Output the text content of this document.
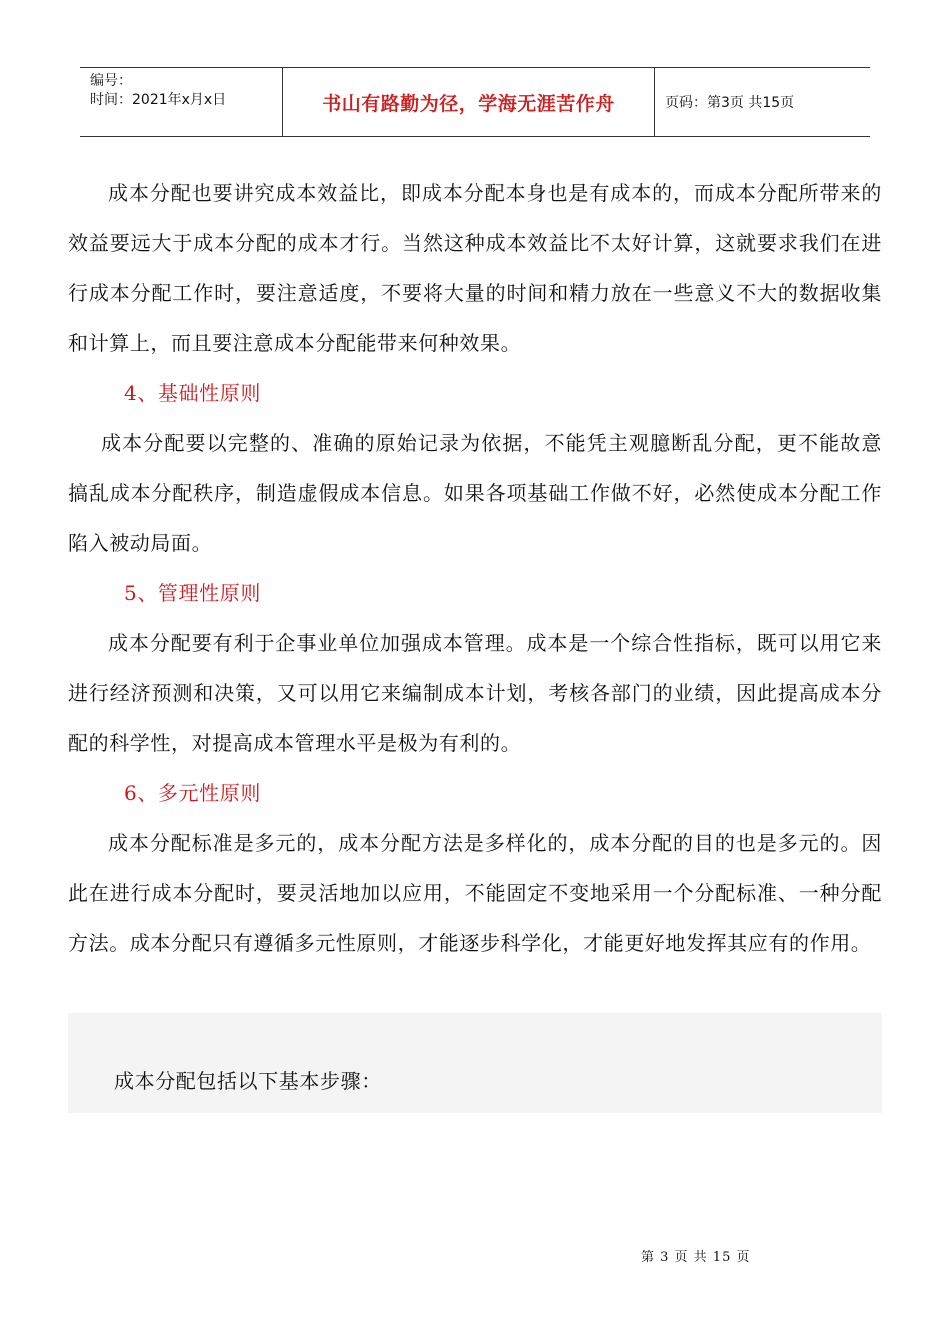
编号：
时间：2021年x月x日	书山有路勤为径，学海无涯苦作舟	页码：第3页 共15页

成本分配也要讲究成本效益比，即成本分配本身也是有成本的，而成本分配所带来的效益要远大于成本分配的成本才行。当然这种成本效益比不太好计算，这就要求我们在进行成本分配工作时，要注意适度，不要将大量的时间和精力放在一些意义不大的数据收集和计算上，而且要注意成本分配能带来何种效果。

4、基础性原则

成本分配要以完整的、准确的原始记录为依据，不能凭主观臆断乱分配，更不能故意搞乱成本分配秩序，制造虚假成本信息。如果各项基础工作做不好，必然使成本分配工作陷入被动局面。

5、管理性原则

成本分配要有利于企事业单位加强成本管理。成本是一个综合性指标，既可以用它来进行经济预测和决策，又可以用它来编制成本计划，考核各部门的业绩，因此提高成本分配的科学性，对提高成本管理水平是极为有利的。

6、多元性原则

成本分配标准是多元的，成本分配方法是多样化的，成本分配的目的也是多元的。因此在进行成本分配时，要灵活地加以应用，不能固定不变地采用一个分配标准、一种分配方法。成本分配只有遵循多元性原则，才能逐步科学化，才能更好地发挥其应有的作用。

成本分配包括以下基本步骤：
第 3 页 共 15 页
